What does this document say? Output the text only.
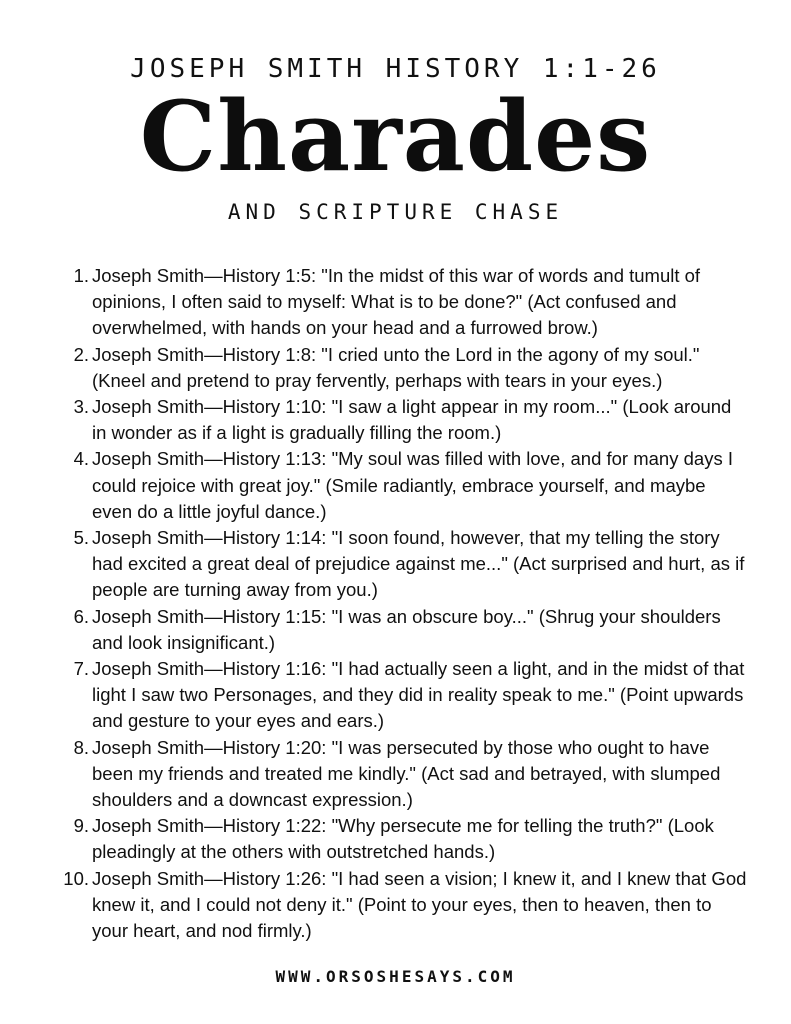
JOSEPH SMITH HISTORY 1:1-26
Charades
AND SCRIPTURE CHASE
1. Joseph Smith—History 1:5: "In the midst of this war of words and tumult of opinions, I often said to myself: What is to be done?" (Act confused and overwhelmed, with hands on your head and a furrowed brow.)
2. Joseph Smith—History 1:8: "I cried unto the Lord in the agony of my soul." (Kneel and pretend to pray fervently, perhaps with tears in your eyes.)
3. Joseph Smith—History 1:10: "I saw a light appear in my room..." (Look around in wonder as if a light is gradually filling the room.)
4. Joseph Smith—History 1:13: "My soul was filled with love, and for many days I could rejoice with great joy." (Smile radiantly, embrace yourself, and maybe even do a little joyful dance.)
5. Joseph Smith—History 1:14: "I soon found, however, that my telling the story had excited a great deal of prejudice against me..." (Act surprised and hurt, as if people are turning away from you.)
6. Joseph Smith—History 1:15: "I was an obscure boy..." (Shrug your shoulders and look insignificant.)
7. Joseph Smith—History 1:16: "I had actually seen a light, and in the midst of that light I saw two Personages, and they did in reality speak to me." (Point upwards and gesture to your eyes and ears.)
8. Joseph Smith—History 1:20: "I was persecuted by those who ought to have been my friends and treated me kindly." (Act sad and betrayed, with slumped shoulders and a downcast expression.)
9. Joseph Smith—History 1:22: "Why persecute me for telling the truth?" (Look pleadingly at the others with outstretched hands.)
10. Joseph Smith—History 1:26: "I had seen a vision; I knew it, and I knew that God knew it, and I could not deny it." (Point to your eyes, then to heaven, then to your heart, and nod firmly.)
WWW.ORSOSHESAYS.COM
